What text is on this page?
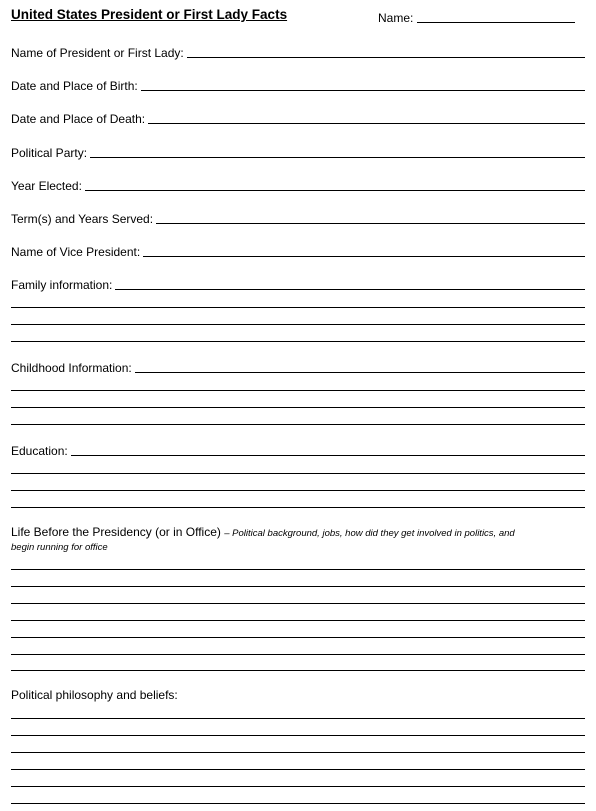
United States President or First Lady Facts	Name:
Name of President or First Lady:
Date and Place of Birth:
Date and Place of Death:
Political Party:
Year Elected:
Term(s) and Years Served:
Name of Vice President:
Family information:
Childhood Information:
Education:
Life Before the Presidency (or in Office) – Political background, jobs, how did they get involved in politics, and
begin running for office
Political philosophy and beliefs:
